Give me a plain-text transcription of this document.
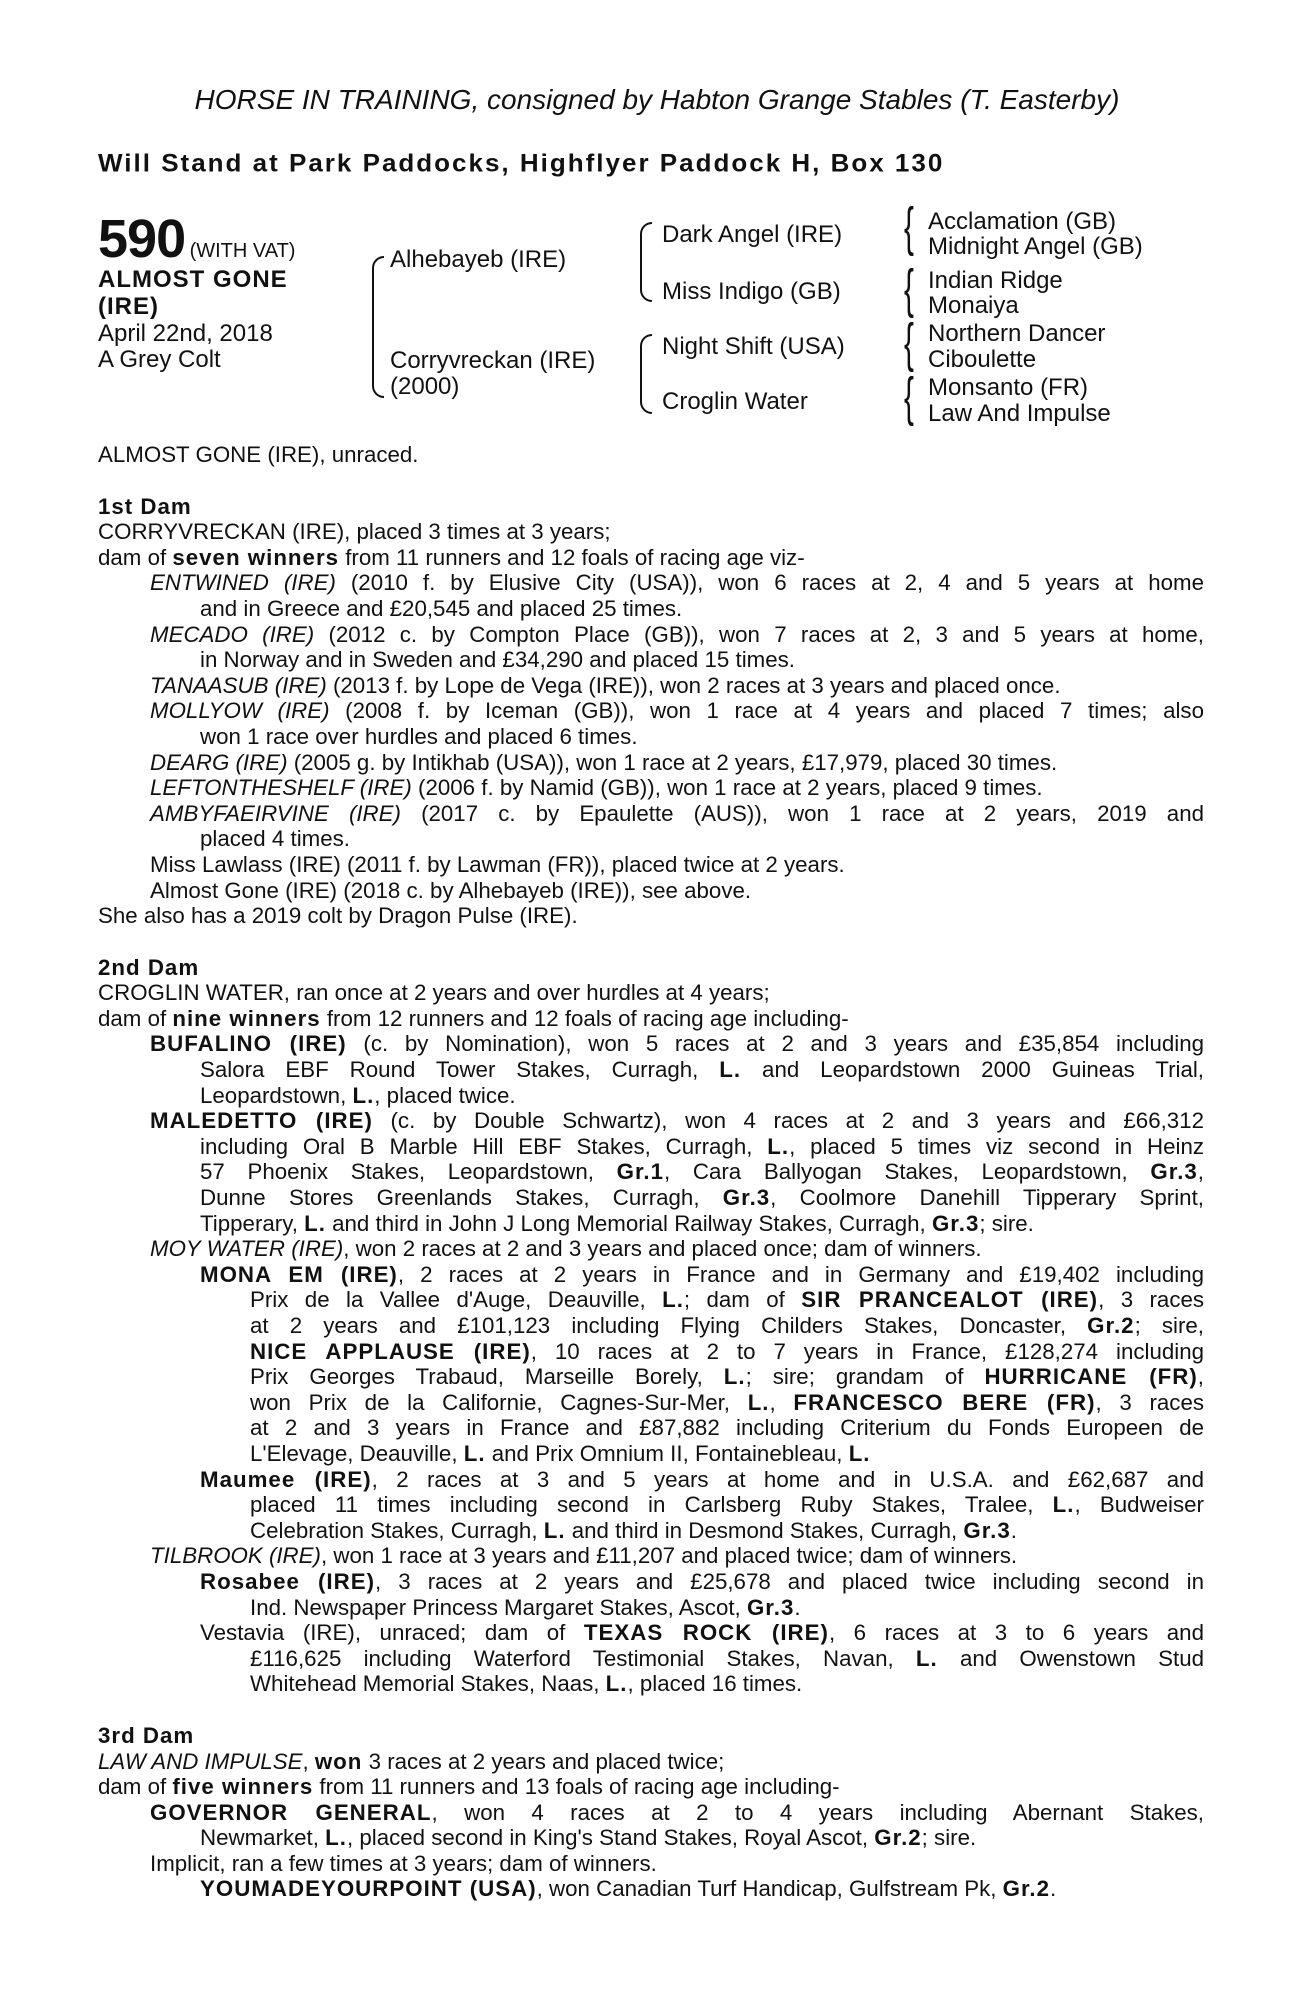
HORSE IN TRAINING, consigned by Habton Grange Stables (T. Easterby)
Will Stand at Park Paddocks, Highflyer Paddock H, Box 130
590 (WITH VAT)
ALMOST GONE
(IRE)
April 22nd, 2018
A Grey Colt
Alhebayeb (IRE)
Corryvreckan (IRE)
(2000)
Dark Angel (IRE)
Miss Indigo (GB)
Night Shift (USA)
Croglin Water
{ Acclamation (GB)
Midnight Angel (GB)
{ Indian Ridge
Monaiya
{ Northern Dancer
Ciboulette
{ Monsanto (FR)
Law And Impulse
ALMOST GONE (IRE), unraced.
1st Dam
CORRYVRECKAN (IRE), placed 3 times at 3 years;
dam of seven winners from 11 runners and 12 foals of racing age viz-
ENTWINED (IRE) (2010 f. by Elusive City (USA)), won 6 races at 2, 4 and 5 years at home
and in Greece and £20,545 and placed 25 times.
MECADO (IRE) (2012 c. by Compton Place (GB)), won 7 races at 2, 3 and 5 years at home,
in Norway and in Sweden and £34,290 and placed 15 times.
TANAASUB (IRE) (2013 f. by Lope de Vega (IRE)), won 2 races at 3 years and placed once.
MOLLYOW (IRE) (2008 f. by Iceman (GB)), won 1 race at 4 years and placed 7 times; also
won 1 race over hurdles and placed 6 times.
DEARG (IRE) (2005 g. by Intikhab (USA)), won 1 race at 2 years, £17,979, placed 30 times.
LEFTONTHESHELF (IRE) (2006 f. by Namid (GB)), won 1 race at 2 years, placed 9 times.
AMBYFAEIRVINE (IRE) (2017 c. by Epaulette (AUS)), won 1 race at 2 years, 2019 and
placed 4 times.
Miss Lawlass (IRE) (2011 f. by Lawman (FR)), placed twice at 2 years.
Almost Gone (IRE) (2018 c. by Alhebayeb (IRE)), see above.
She also has a 2019 colt by Dragon Pulse (IRE).
2nd Dam
CROGLIN WATER, ran once at 2 years and over hurdles at 4 years;
dam of nine winners from 12 runners and 12 foals of racing age including-
BUFALINO (IRE) (c. by Nomination), won 5 races at 2 and 3 years and £35,854 including
Salora EBF Round Tower Stakes, Curragh, L. and Leopardstown 2000 Guineas Trial,
Leopardstown, L., placed twice.
MALEDETTO (IRE) (c. by Double Schwartz), won 4 races at 2 and 3 years and £66,312
including Oral B Marble Hill EBF Stakes, Curragh, L., placed 5 times viz second in Heinz
57 Phoenix Stakes, Leopardstown, Gr.1, Cara Ballyogan Stakes, Leopardstown, Gr.3,
Dunne Stores Greenlands Stakes, Curragh, Gr.3, Coolmore Danehill Tipperary Sprint,
Tipperary, L. and third in John J Long Memorial Railway Stakes, Curragh, Gr.3; sire.
MOY WATER (IRE), won 2 races at 2 and 3 years and placed once; dam of winners.
MONA EM (IRE), 2 races at 2 years in France and in Germany and £19,402 including
Prix de la Vallee d'Auge, Deauville, L.; dam of SIR PRANCEALOT (IRE), 3 races
at 2 years and £101,123 including Flying Childers Stakes, Doncaster, Gr.2; sire,
NICE APPLAUSE (IRE), 10 races at 2 to 7 years in France, £128,274 including
Prix Georges Trabaud, Marseille Borely, L.; sire; grandam of HURRICANE (FR),
won Prix de la Californie, Cagnes-Sur-Mer, L., FRANCESCO BERE (FR), 3 races
at 2 and 3 years in France and £87,882 including Criterium du Fonds Europeen de
L'Elevage, Deauville, L. and Prix Omnium II, Fontainebleau, L.
Maumee (IRE), 2 races at 3 and 5 years at home and in U.S.A. and £62,687 and
placed 11 times including second in Carlsberg Ruby Stakes, Tralee, L., Budweiser
Celebration Stakes, Curragh, L. and third in Desmond Stakes, Curragh, Gr.3.
TILBROOK (IRE), won 1 race at 3 years and £11,207 and placed twice; dam of winners.
Rosabee (IRE), 3 races at 2 years and £25,678 and placed twice including second in
Ind. Newspaper Princess Margaret Stakes, Ascot, Gr.3.
Vestavia (IRE), unraced; dam of TEXAS ROCK (IRE), 6 races at 3 to 6 years and
£116,625 including Waterford Testimonial Stakes, Navan, L. and Owenstown Stud
Whitehead Memorial Stakes, Naas, L., placed 16 times.
3rd Dam
LAW AND IMPULSE, won 3 races at 2 years and placed twice;
dam of five winners from 11 runners and 13 foals of racing age including-
GOVERNOR GENERAL, won 4 races at 2 to 4 years including Abernant Stakes,
Newmarket, L., placed second in King's Stand Stakes, Royal Ascot, Gr.2; sire.
Implicit, ran a few times at 3 years; dam of winners.
YOUMADEYOURPOINT (USA), won Canadian Turf Handicap, Gulfstream Pk, Gr.2.
